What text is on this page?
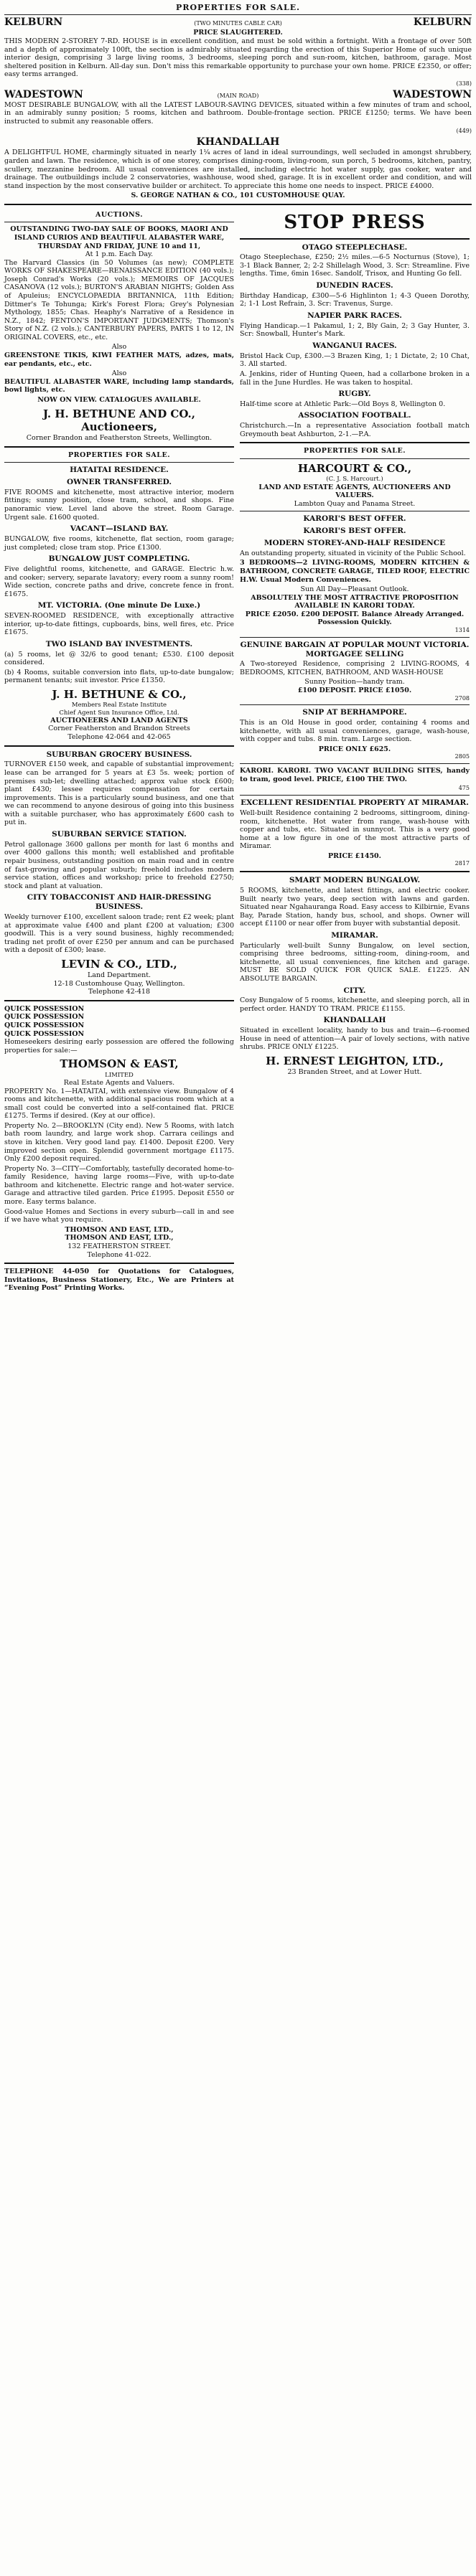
PROPERTIES FOR SALE.
KELBURN	(TWO MINUTES CABLE CAR)	KELBURN
PRICE SLAUGHTERED.

THIS MODERN 2-STOREY 7-RD. HOUSE is in excellent condition, and must be sold within a fortnight. With a frontage of over 50ft and a depth of approximately 100ft, the section is admirably situated regarding the erection of this Superior Home of such unique interior design, comprising 3 large living rooms, 3 bedrooms, sleeping porch and sun-room, kitchen, bathroom, garage. Most sheltered position in Kelburn. All-day sun. Don't miss this remarkable opportunity to purchase your own home. PRICE £2350, or offer; easy terms arranged.

(338)
WADESTOWN	(MAIN ROAD)	WADESTOWN

MOST DESIRABLE BUNGALOW, with all the LATEST LABOUR-SAVING DEVICES, situated within a few minutes of tram and school, in an admirably sunny position; 5 rooms, kitchen and bathroom. Double-frontage section. PRICE £1250; terms. We have been instructed to submit any reasonable offers.

(449)
KHANDALLAH

A DELIGHTFUL HOME, charmingly situated in nearly 1¼ acres of land in ideal surroundings, well secluded in amongst shrubbery, garden and lawn. The residence, which is of one storey, comprises dining-room, living-room, sun porch, 5 bedrooms, kitchen, pantry, scullery, mezzanine bedroom. All usual conveniences are installed, including electric hot water supply, gas cooker, water and drainage. The outbuildings include 2 conservatories, washhouse, wood shed, garage. It is in excellent order and condition, and will stand inspection by the most conservative builder or architect. To appreciate this home one needs to inspect. PRICE £4000.

S. GEORGE NATHAN & CO., 101 CUSTOMHOUSE QUAY.
AUCTIONS.
OUTSTANDING TWO-DAY SALE OF BOOKS, MAORI AND ISLAND CURIOS AND BEAUTIFUL ALABASTER WARE, THURSDAY AND FRIDAY, JUNE 10 and 11,
At 1 p.m. Each Day.

The Harvard Classics (in 50 Volumes (as new); COMPLETE WORKS OF SHAKESPEARE—RENAISSANCE EDITION (40 vols.); Joseph Conrad's Works (20 vols.); MEMOIRS OF JACQUES CASANOVA (12 vols.); BURTON'S ARABIAN NIGHTS; Golden Ass of Apuleius; ENCYCLOPAEDIA BRITANNICA, 11th Edition; Dittmer's Te Tohunga; Kirk's Forest Flora; Grey's Polynesian Mythology, 1855; Chas. Heaphy's Narrative of a Residence in N.Z., 1842; FENTON'S IMPORTANT JUDGMENTS; Thomson's Story of N.Z. (2 vols.); CANTERBURY PAPERS, PARTS 1 to 12, IN ORIGINAL COVERS, etc., etc.

Also

GREENSTONE TIKIS, KIWI FEATHER MATS, adzes, mats, ear pendants, etc., etc.

Also

BEAUTIFUL ALABASTER WARE, including lamp standards, bowl lights, etc.

NOW ON VIEW. CATALOGUES AVAILABLE.
J. H. BETHUNE AND CO., Auctioneers,
Corner Brandon and Featherston Streets, Wellington.
PROPERTIES FOR SALE.
HATAITAI RESIDENCE.
OWNER TRANSFERRED.

FIVE ROOMS and kitchenette, most attractive interior, modern fittings; sunny position, close tram, school, and shops. Fine panoramic view. Level land above the street. Room Garage. Urgent sale. £1600 quoted.

VACANT—ISLAND BAY.

BUNGALOW, five rooms, kitchenette, flat section, room garage; just completed; close tram stop. Price £1300.

BUNGALOW JUST COMPLETING.

Five delightful rooms, kitchenette, and GARAGE. Electric h.w. and cooker; servery, separate lavatory; every room a sunny room! Wide section, concrete paths and drive, concrete fence in front. £1675.

MT. VICTORIA. (One minute De Luxe.)

SEVEN-ROOMED RESIDENCE, with exceptionally attractive interior, up-to-date fittings, cupboards, bins, well fires, etc. Price £1675.

TWO ISLAND BAY INVESTMENTS.

(a) 5 rooms, let @ 32/6 to good tenant; £530. £100 deposit considered.

(b) 4 Rooms, suitable conversion into flats, up-to-date bungalow; permanent tenants; suit investor. Price £1350.

J. H. BETHUNE & CO.,
Members Real Estate Institute
Chief Agent Sun Insurance Office, Ltd.
AUCTIONEERS AND LAND AGENTS
Corner Featherston and Brandon Streets
Telephone 42-064 and 42-065
SUBURBAN GROCERY BUSINESS.

TURNOVER £150 week, and capable of substantial improvement; lease can be arranged for 5 years at £3 5s. week; portion of premises sub-let; dwelling attached; approx value stock £600; plant £430; lessee requires compensation for certain improvements. This is a particularly sound business, and one that we can recommend to anyone desirous of going into this business with a suitable purchaser, who has approximately £600 cash to put in.

SUBURBAN SERVICE STATION.

Petrol gallonage 3600 gallons per month for last 6 months and over 4000 gallons this month; well established and profitable repair business, outstanding position on main road and in centre of fast-growing and popular suburb; freehold includes modern service station, offices and workshop; price to freehold £2750; stock and plant at valuation.

CITY TOBACCONIST AND HAIR-DRESSING BUSINESS.

Weekly turnover £100, excellent saloon trade; rent £2 week; plant at approximate value £400 and plant £200 at valuation; £300 goodwill. This is a very sound business, highly recommended; trading net profit of over £250 per annum and can be purchased with a deposit of £300; lease.

LEVIN & CO., LTD.,
Land Department.
12-18 Customhouse Quay, Wellington.
Telephone 42-418
QUICK POSSESSION
QUICK POSSESSION
QUICK POSSESSION
QUICK POSSESSION

Homeseekers desiring early possession are offered the following properties for sale:—

THOMSON & EAST,
LIMITED
Real Estate Agents and Valuers.

PROPERTY No. 1—HATAITAI, with extensive view. Bungalow of 4 rooms and kitchenette, with additional spacious room which at a small cost could be converted into a self-contained flat. PRICE £1275. Terms if desired. (Key at our office).

Property No. 2—BROOKLYN (City end). New 5 Rooms, with latch bath room laundry, and large work shop. Carrara ceilings and stove in kitchen. Very good land pay. £1400. Deposit £200. Very improved section open. Splendid government mortgage £1175. Only £200 deposit required.

Property No. 3—CITY—Comfortably, tastefully decorated home-to-family Residence, having large rooms—Five, with up-to-date bathroom and kitchenette. Electric range and hot-water service. Garage and attractive tiled garden. Price £1995. Deposit £550 or more. Easy terms balance.

Good-value Homes and Sections in every suburb—call in and see if we have what you require.

THOMSON AND EAST, LTD.,
THOMSON AND EAST, LTD.,
132 FEATHERSTON STREET.
Telephone 41-022.

TELEPHONE 44-050 for Quotations for Catalogues, Invitations, Business Stationery, Etc., We are Printers at “Evening Post” Printing Works.

STOP PRESS
OTAGO STEEPLECHASE.

Otago Steeplechase, £250; 2½ miles.—6-5 Nocturnus (Stove), 1; 3-1 Black Banner, 2; 2-2 Shillelagh Wood, 3. Scr: Streamline. Five lengths. Time, 6min 16sec. Sandolf, Trisox, and Hunting Go fell.

DUNEDIN RACES.

Birthday Handicap, £300—5-6 Highlinton 1; 4-3 Queen Dorothy, 2; 1-1 Lost Refrain, 3. Scr: Travenus, Surge.

NAPIER PARK RACES.

Flying Handicap.—1 Pakamul, 1; 2, Bly Gain, 2; 3 Gay Hunter, 3. Scr: Snowball, Hunter's Mark.

WANGANUI RACES.

Bristol Hack Cup, £300.—3 Brazen King, 1; 1 Dictate, 2; 10 Chat, 3. All started.

A. Jenkins, rider of Hunting Queen, had a collarbone broken in a fall in the June Hurdles. He was taken to hospital.

RUGBY.

Half-time score at Athletic Park:—Old Boys 8, Wellington 0.

ASSOCIATION FOOTBALL.

Christchurch.—In a representative Association football match Greymouth beat Ashburton, 2-1.—P.A.

PROPERTIES FOR SALE.
HARCOURT & CO.,
(C. J. S. Harcourt.)
LAND AND ESTATE AGENTS, AUCTIONEERS AND VALUERS.
Lambton Quay and Panama Street.
KARORI'S BEST OFFER.
KARORI'S BEST OFFER.
MODERN STOREY-AND-HALF RESIDENCE

An outstanding property, situated in vicinity of the Public School.

3 BEDROOMS—2 LIVING-ROOMS, MODERN KITCHEN & BATHROOM, CONCRETE GARAGE, TILED ROOF, ELECTRIC H.W. Usual Modern Conveniences.

Sun All Day—Pleasant Outlook.
ABSOLUTELY THE MOST ATTRACTIVE PROPOSITION AVAILABLE IN KARORI TODAY.
PRICE £2050. £200 DEPOSIT. Balance Already Arranged. Possession Quickly.
1314
GENUINE BARGAIN AT POPULAR MOUNT VICTORIA. MORTGAGEE SELLING

A Two-storeyed Residence, comprising 2 LIVING-ROOMS, 4 BEDROOMS, KITCHEN, BATHROOM, AND WASH-HOUSE

Sunny Position—handy tram.
£100 DEPOSIT. PRICE £1050.
2708
SNIP AT BERHAMPORE.

This is an Old House in good order, containing 4 rooms and kitchenette, with all usual conveniences, garage, wash-house, with copper and tubs. 8 min. tram. Large section.

PRICE ONLY £625.
2805

KARORI. KARORI. TWO VACANT BUILDING SITES, handy to tram, good level. PRICE, £100 THE TWO.

475
EXCELLENT RESIDENTIAL PROPERTY AT MIRAMAR.

Well-built Residence containing 2 bedrooms, sittingroom, dining-room, kitchenette. Hot water from range, wash-house with copper and tubs, etc. Situated in sunnycot. This is a very good home at a low figure in one of the most attractive parts of Miramar.

PRICE £1450.
2817
SMART MODERN BUNGALOW.

5 ROOMS, kitchenette, and latest fittings, and electric cooker. Built nearly two years, deep section with lawns and garden. Situated near Ngahauranga Road. Easy access to Kilbirnie, Evans Bay, Parade Station, handy bus, school, and shops. Owner will accept £1100 or near offer from buyer with substantial deposit.

MIRAMAR.

Particularly well-built Sunny Bungalow, on level section, comprising three bedrooms, sitting-room, dining-room, and kitchenette, all usual conveniences, fine kitchen and garage. MUST BE SOLD QUICK FOR QUICK SALE. £1225. AN ABSOLUTE BARGAIN.

CITY.

Cosy Bungalow of 5 rooms, kitchenette, and sleeping porch, all in perfect order. HANDY TO TRAM. PRICE £1155.

KHANDALLAH

Situated in excellent locality, handy to bus and train—6-roomed House in need of attention—A pair of lovely sections, with native shrubs. PRICE ONLY £1225.

H. ERNEST LEIGHTON, LTD.,
23 Branden Street, and at Lower Hutt.
